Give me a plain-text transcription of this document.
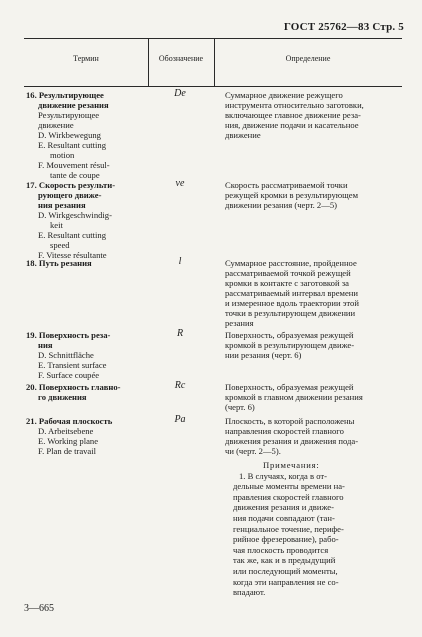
ГОСТ 25762—83 Стр. 5
Термин	Обозначение	Определение
16. Результирующее
движение резания
Результирующее
движение
D. Wirkbewegung
E. Resultant cutting
motion
F. Mouvement résul-
tante de coupe
De	Суммарное движение режущего
инструмента относительно заготовки,
включающее главное движение реза-
ния, движение подачи и касательное
движение
17. Скорость результи-
рующего движе-
ния резания
D. Wirkgeschwindig-
keit
E. Resultant cutting
speed
F. Vitesse résultante
ve	Скорость рассматриваемой точки
режущей кромки в результирующем
движении резания (черт. 2—5)
18. Путь резания	l	Суммарное расстояние, пройденное
рассматриваемой точкой режущей
кромки в контакте с заготовкой за
рассматриваемый интервал времени
и измеренное вдоль траектории этой
точки в результирующем движении
резания
19. Поверхность реза-
ния
D. Schnittfläche
E. Transient surface
F. Surface coupée
R	Поверхность, образуемая режущей
кромкой в результирующем движе-
нии резания (черт. 6)
20. Поверхность главно-
го движения
Rc	Поверхность, образуемая режущей
кромкой в главном движении резания
(черт. 6)
21. Рабочая плоскость
D. Arbeitsebene
E. Working plane
F. Plan de travail
Pa	Плоскость, в которой расположены
направления скоростей главного
движения резания и движения пода-
чи (черт. 2—5).
Примечания:
1. В случаях, когда в от-
дельные моменты времени на-
правления скоростей главного
движения резания и движе-
ния подачи совпадают (тан-
генциальное точение, перифе-
рийное фрезерование), рабо-
чая плоскость проводится
так же, как и в предыдущий
или последующий моменты,
когда эти направления не со-
впадают.
3—665
